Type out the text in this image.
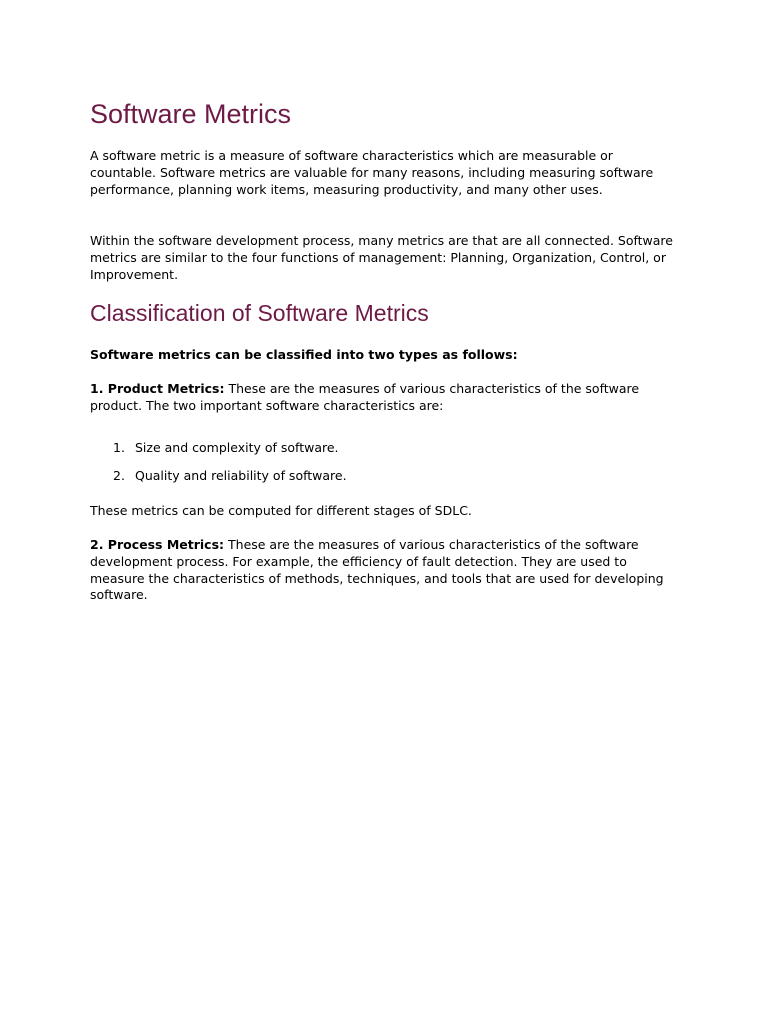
Software Metrics

A software metric is a measure of software characteristics which are measurable or countable. Software metrics are valuable for many reasons, including measuring software performance, planning work items, measuring productivity, and many other uses.

Within the software development process, many metrics are that are all connected. Software metrics are similar to the four functions of management: Planning, Organization, Control, or Improvement.

Classification of Software Metrics

Software metrics can be classified into two types as follows:

1. Product Metrics: These are the measures of various characteristics of the software product. The two important software characteristics are:

1. Size and complexity of software.
2. Quality and reliability of software.

These metrics can be computed for different stages of SDLC.

2. Process Metrics: These are the measures of various characteristics of the software development process. For example, the efficiency of fault detection. They are used to measure the characteristics of methods, techniques, and tools that are used for developing software.
